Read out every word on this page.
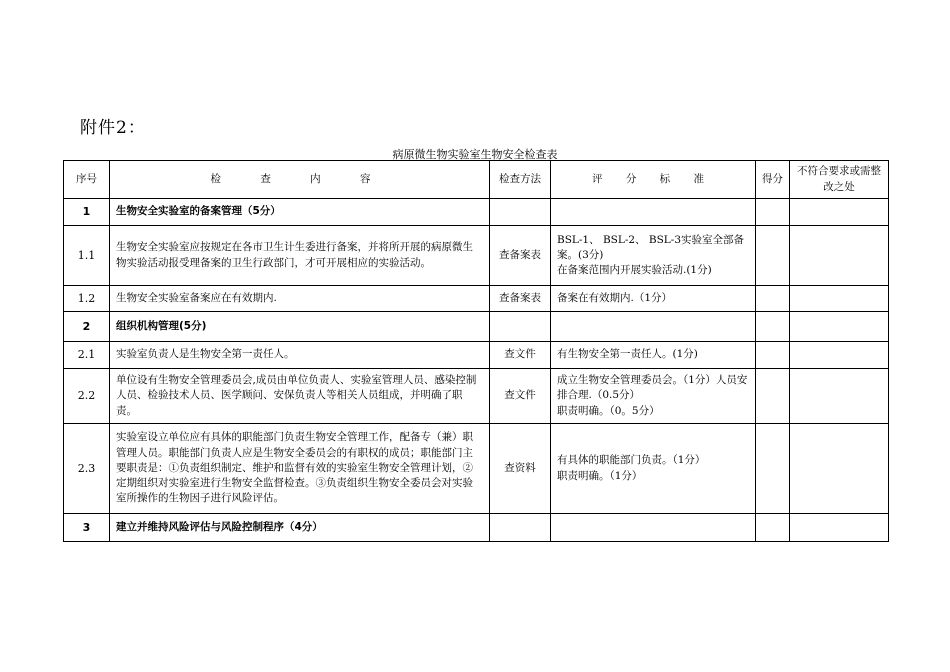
附件2：
病原微生物实验室生物安全检查表
序号	检 查 内 容	检查方法	评 分 标 准	得分	不符合要求或需整改之处
1	生物安全实验室的备案管理（5分）				
1.1	生物安全实验室应按规定在各市卫生计生委进行备案，并将所开展的病原微生物实验活动报受理备案的卫生行政部门，才可开展相应的实验活动。	查备案表	BSL-1、 BSL-2、 BSL-3实验室全部备案。(3分)
在备案范围内开展实验活动.(1分)		

1.2	生物安全实验室备案应在有效期内.	查备案表	备案在有效期内.（1分）		
2	组织机构管理(5分)				
2.1	实验室负责人是生物安全第一责任人。	查文件	有生物安全第一责任人。(1分)		
2.2	单位设有生物安全管理委员会,成员由单位负责人、实验室管理人员、感染控制人员、检验技术人员、医学顾问、安保负责人等相关人员组成，并明确了职责。	查文件	成立生物安全管理委员会。（1分）人员安排合理.（0.5分）
职责明确。（0。5分）		

2.3	实验室设立单位应有具体的职能部门负责生物安全管理工作，配备专（兼）职管理人员。职能部门负责人应是生物安全委员会的有职权的成员；职能部门主要职责是：①负责组织制定、维护和监督有效的实验室生物安全管理计划，②定期组织对实验室进行生物安全监督检查。③负责组织生物安全委员会对实验室所操作的生物因子进行风险评估。	查资料	有具体的职能部门负责。（1分）
职责明确。（1分）		

3	建立并维持风险评估与风险控制程序（4分）				
